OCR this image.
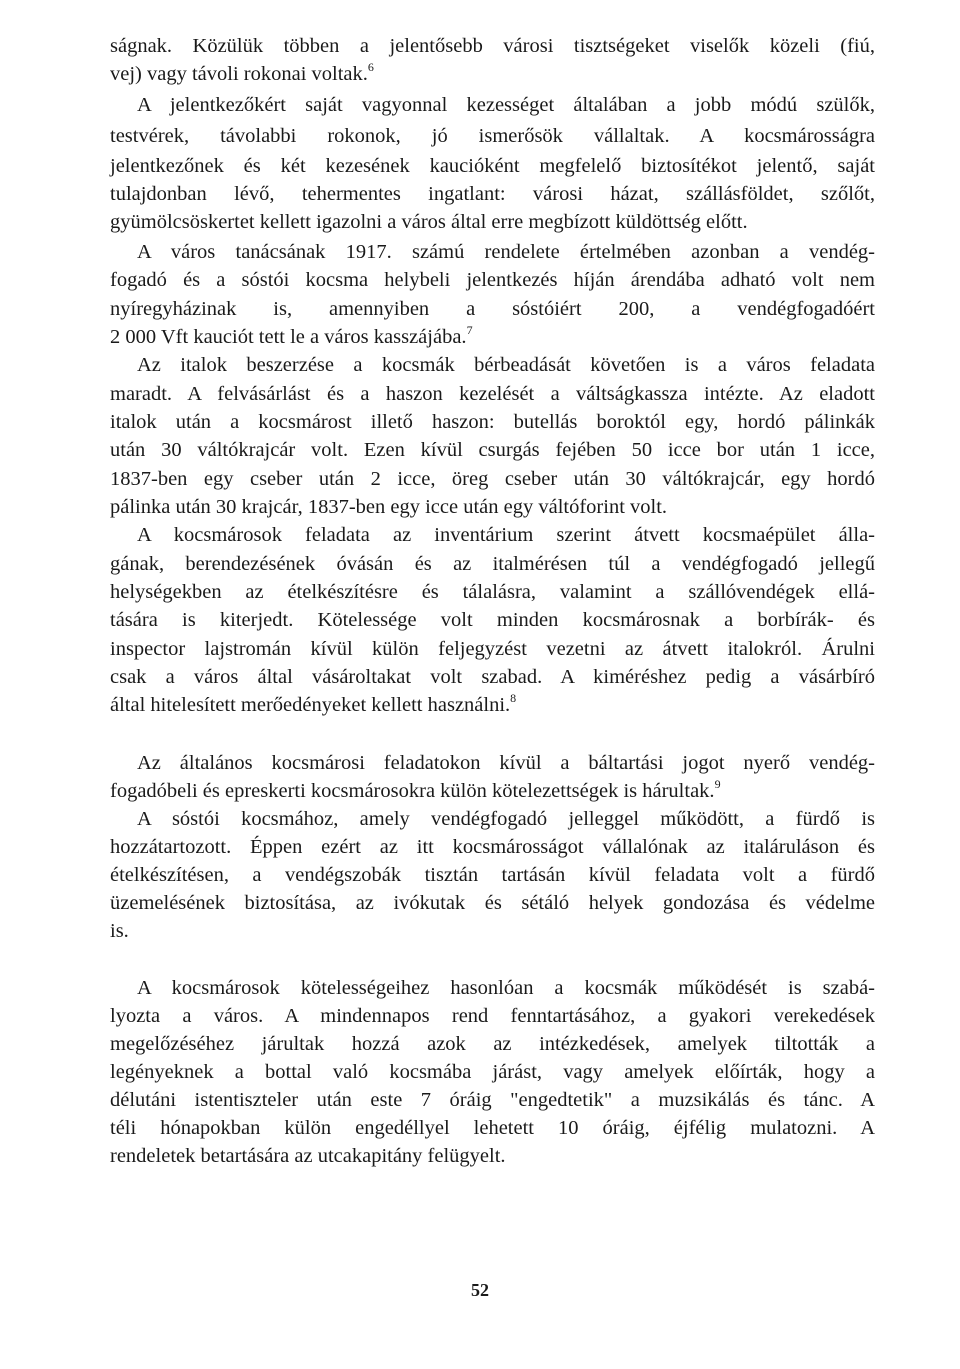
ságnak. Közülük többen a jelentősebb városi tisztségeket viselők közeli (fiú,
vej) vagy távoli rokonai voltak.$^6$
A jelentkezőkért saját vagyonnal kezességet általában a jobb módú szülők,
testvérek, távolabbi rokonok, jó ismerősök vállaltak. A kocsmárosságra
jelentkezőnek és két kezesének kaucióként megfelelő biztosítékot jelentő, saját
tulajdonban lévő, tehermentes ingatlant: városi házat, szállásföldet, szőlőt,
gyümölcsöskertet kellett igazolni a város által erre megbízott küldöttség előtt.
A város tanácsának 1917. számú rendelete értelmében azonban a vendég-
fogadó és a sóstói kocsma helybeli jelentkezés híján árendába adható volt nem
nyíregyházinak is, amennyiben a sóstóiért 200, a vendégfogadóért
2 000 Vft kauciót tett le a város kasszájába.$^7$
Az italok beszerzése a kocsmák bérbeadását követően is a város feladata
maradt. A felvásárlást és a haszon kezelését a váltságkassza intézte. Az eladott
italok után a kocsmárost illető haszon: butellás boroktól egy, hordó pálinkák
után 30 váltókrajcár volt. Ezen kívül csurgás fejében 50 icce bor után 1 icce,
1837-ben egy cseber után 2 icce, öreg cseber után 30 váltókrajcár, egy hordó
pálinka után 30 krajcár, 1837-ben egy icce után egy váltóforint volt.
A kocsmárosok feladata az inventárium szerint átvett kocsmaépület álla-
gának, berendezésének óvásán és az italmérésen túl a vendégfogadó jellegű
helységekben az ételkészítésre és tálalásra, valamint a szállóvendégek ellá-
tására is kiterjedt. Kötelessége volt minden kocsmárosnak a borbírák- és
inspector lajstromán kívül külön feljegyzést vezetni az átvett italokról. Árulni
csak a város által vásároltakat volt szabad. A kiméréshez pedig a vásárbíró
által hitelesített merőedényeket kellett használni.$^8$
Az általános kocsmárosi feladatokon kívül a báltartási jogot nyerő vendég-
fogadóbeli és epreskerti kocsmárosokra külön kötelezettségek is hárultak.$^9$
A sóstói kocsmához, amely vendégfogadó jelleggel működött, a fürdő is
hozzátartozott. Éppen ezért az itt kocsmárosságot vállalónak az italáruláson és
ételkészítésen, a vendégszobák tisztán tartásán kívül feladata volt a fürdő
üzemelésének biztosítása, az ivókutak és sétáló helyek gondozása és védelme
is.
A kocsmárosok kötelességeihez hasonlóan a kocsmák működését is szabá-
lyozta a város. A mindennapos rend fenntartásához, a gyakori verekedések
megelőzéséhez járultak hozzá azok az intézkedések, amelyek tiltották a
legényeknek a bottal való kocsmába járást, vagy amelyek előírták, hogy a
délutáni istentiszteler után este 7 óráig "engedtetik" a muzsikálás és tánc. A
téli hónapokban külön engedéllyel lehetett 10 óráig, éjfélig mulatozni. A
rendeletek betartására az utcakapitány felügyelt.
52
